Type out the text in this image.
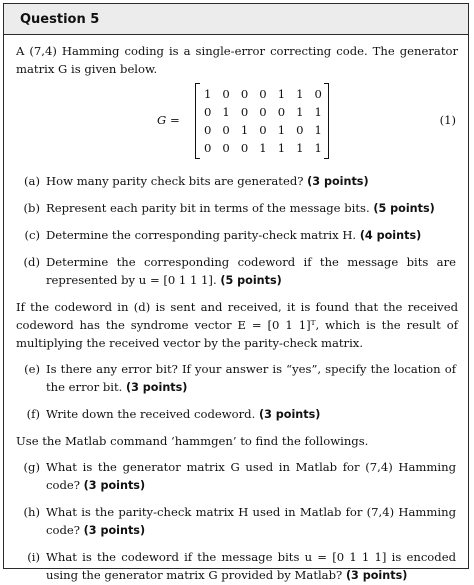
Question 5

A (7,4) Hamming coding is a single-error correcting code. The generator matrix G is given below.

G =
1 0 0 0 1 1 0
0 1 0 0 0 1 1
0 0 1 0 1 0 1
0 0 0 1 1 1 1
(1)
(a) How many parity check bits are generated? (3 points)
(b) Represent each parity bit in terms of the message bits. (5 points)
(c) Determine the corresponding parity-check matrix H. (4 points)
(d) Determine the corresponding codeword if the message bits are represented by u = [0 1 1 1]. (5 points)

If the codeword in (d) is sent and received, it is found that the received codeword has the syndrome vector E = [0 1 1]ᵀ, which is the result of multiplying the received vector by the parity-check matrix.

(e) Is there any error bit? If your answer is “yes”, specify the location of the error bit. (3 points)
(f) Write down the received codeword. (3 points)

Use the Matlab command ‘hammgen’ to find the followings.

(g) What is the generator matrix G used in Matlab for (7,4) Hamming code? (3 points)
(h) What is the parity-check matrix H used in Matlab for (7,4) Hamming code? (3 points)
(i) What is the codeword if the message bits u = [0 1 1 1] is encoded using the generator matrix G provided by Matlab? (3 points)
